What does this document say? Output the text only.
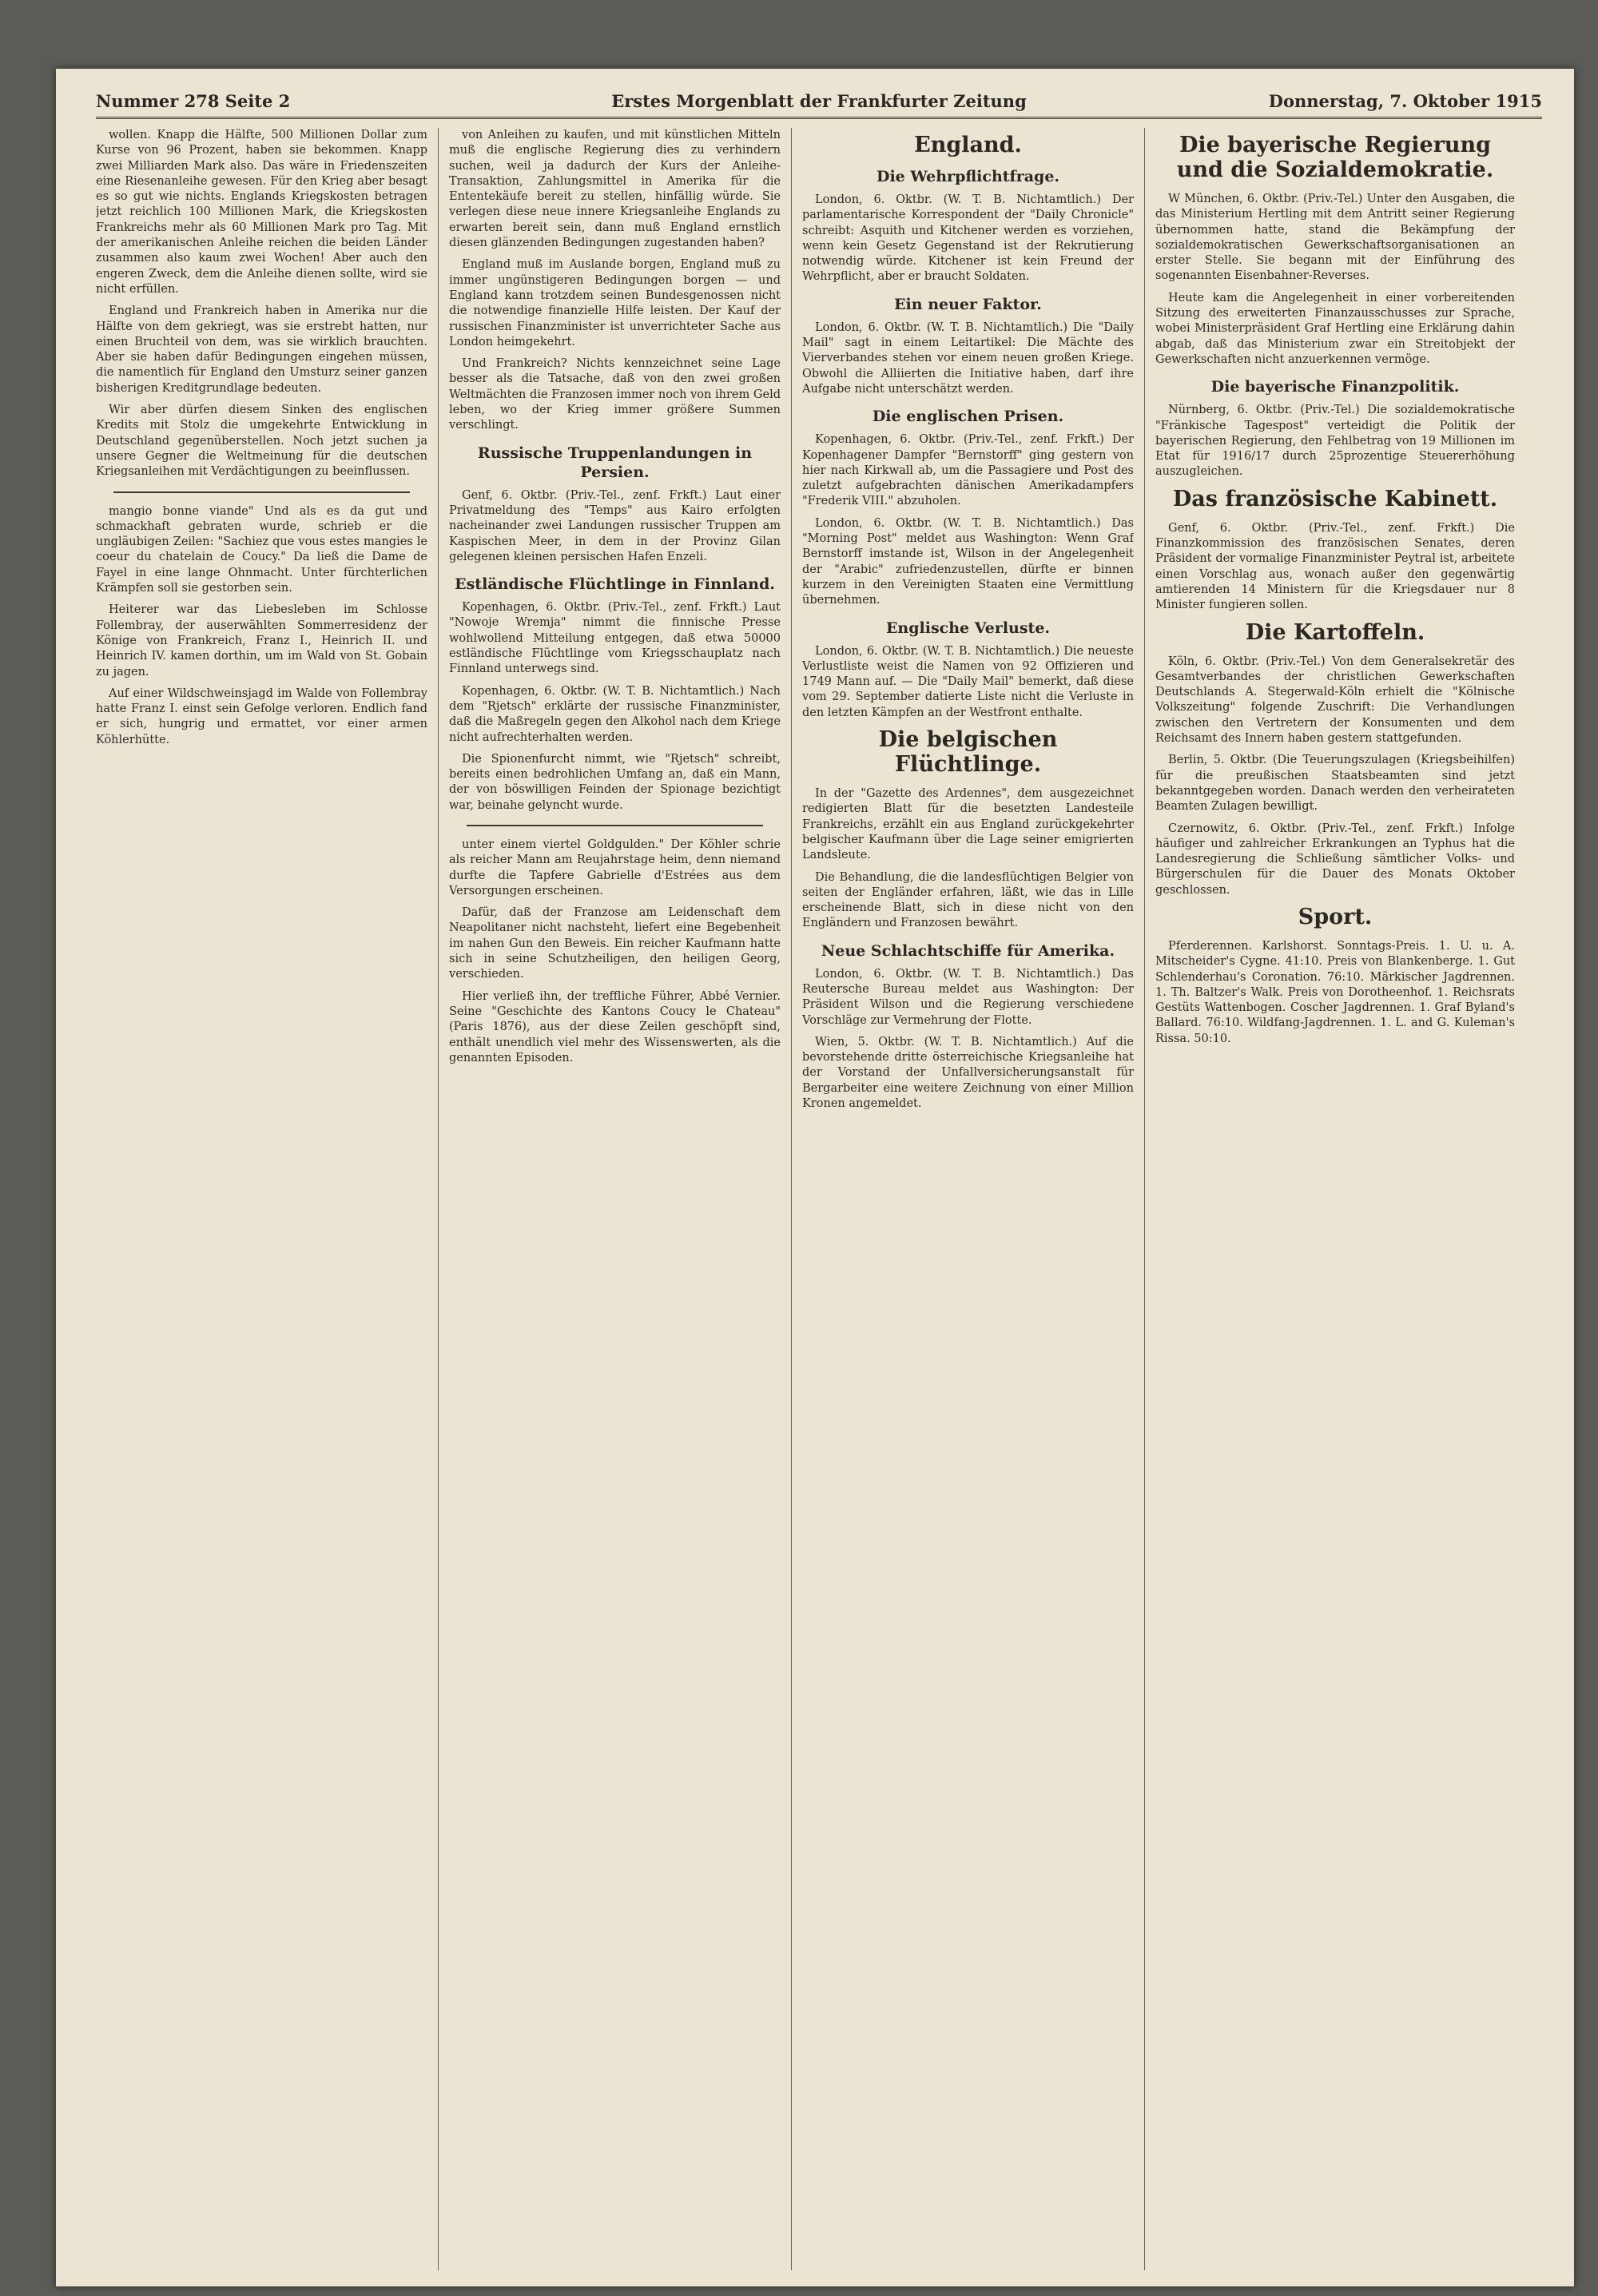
Nummer 278 Seite 2	Erstes Morgenblatt der Frankfurter Zeitung	Donnerstag, 7. Oktober 1915

wollen. Knapp die Hälfte, 500 Millionen Dollar zum Kurse von 96 Prozent, haben sie bekommen. Knapp zwei Milliarden Mark also. Das wäre in Friedenszeiten eine Riesenanleihe gewesen. Für den Krieg aber besagt es so gut wie nichts. Englands Kriegskosten betragen jetzt reichlich 100 Millionen Mark, die Kriegskosten Frankreichs mehr als 60 Millionen Mark pro Tag. Mit der amerikanischen Anleihe reichen die beiden Länder zusammen also kaum zwei Wochen! Aber auch den engeren Zweck, dem die Anleihe dienen sollte, wird sie nicht erfüllen.

England und Frankreich haben in Amerika nur die Hälfte von dem gekriegt, was sie erstrebt hatten, nur einen Bruchteil von dem, was sie wirklich brauchten. Aber sie haben dafür Bedingungen eingehen müssen, die namentlich für England den Umsturz seiner ganzen bisherigen Kreditgrundlage bedeuten.

Wir aber dürfen diesem Sinken des englischen Kredits mit Stolz die umgekehrte Entwicklung in Deutschland gegenüberstellen. Noch jetzt suchen ja unsere Gegner die Weltmeinung für die deutschen Kriegsanleihen mit Verdächtigungen zu beeinflussen.

mangio bonne viande" Und als es da gut und schmackhaft gebraten wurde, schrieb er die ungläubigen Zeilen: "Sachiez que vous estes mangies le coeur du chatelain de Coucy." Da ließ die Dame de Fayel in eine lange Ohnmacht. Unter fürchterlichen Krämpfen soll sie gestorben sein.

Heiterer war das Liebesleben im Schlosse Follembray, der auserwählten Sommerresidenz der Könige von Frankreich, Franz I., Heinrich II. und Heinrich IV. kamen dorthin, um im Wald von St. Gobain zu jagen.

Auf einer Wildschweinsjagd im Walde von Follembray hatte Franz I. einst sein Gefolge verloren. Endlich fand er sich, hungrig und ermattet, vor einer armen Köhlerhütte.

von Anleihen zu kaufen, und mit künstlichen Mitteln muß die englische Regierung dies zu verhindern suchen, weil ja dadurch der Kurs der Anleihe-Transaktion, Zahlungsmittel in Amerika für die Ententekäufe bereit zu stellen, hinfällig würde. Sie verlegen diese neue innere Kriegsanleihe Englands zu erwarten bereit sein, dann muß England ernstlich diesen glänzenden Bedingungen zugestanden haben?

England muß im Auslande borgen, England muß zu immer ungünstigeren Bedingungen borgen — und England kann trotzdem seinen Bundesgenossen nicht die notwendige finanzielle Hilfe leisten. Der Kauf der russischen Finanzminister ist unverrichteter Sache aus London heimgekehrt.

Und Frankreich? Nichts kennzeichnet seine Lage besser als die Tatsache, daß von den zwei großen Weltmächten die Franzosen immer noch von ihrem Geld leben, wo der Krieg immer größere Summen verschlingt.

Russische Truppenlandungen in Persien.

Genf, 6. Oktbr. (Priv.-Tel., zenf. Frkft.) Laut einer Privatmeldung des "Temps" aus Kairo erfolgten nacheinander zwei Landungen russischer Truppen am Kaspischen Meer, in dem in der Provinz Gilan gelegenen kleinen persischen Hafen Enzeli.

Estländische Flüchtlinge in Finnland.

Kopenhagen, 6. Oktbr. (Priv.-Tel., zenf. Frkft.) Laut "Nowoje Wremja" nimmt die finnische Presse wohlwollend Mitteilung entgegen, daß etwa 50000 estländische Flüchtlinge vom Kriegsschauplatz nach Finnland unterwegs sind.

Kopenhagen, 6. Oktbr. (W. T. B. Nichtamtlich.) Nach dem "Rjetsch" erklärte der russische Finanzminister, daß die Maßregeln gegen den Alkohol nach dem Kriege nicht aufrechterhalten werden.

Die Spionenfurcht nimmt, wie "Rjetsch" schreibt, bereits einen bedrohlichen Umfang an, daß ein Mann, der von böswilligen Feinden der Spionage bezichtigt war, beinahe gelyncht wurde.

unter einem viertel Goldgulden." Der Köhler schrie als reicher Mann am Reujahrstage heim, denn niemand durfte die Tapfere Gabrielle d'Estrées aus dem Versorgungen erscheinen.

Dafür, daß der Franzose am Leidenschaft dem Neapolitaner nicht nachsteht, liefert eine Begebenheit im nahen Gun den Beweis. Ein reicher Kaufmann hatte sich in seine Schutzheiligen, den heiligen Georg, verschieden.

Hier verließ ihn, der treffliche Führer, Abbé Vernier. Seine "Geschichte des Kantons Coucy le Chateau" (Paris 1876), aus der diese Zeilen geschöpft sind, enthält unendlich viel mehr des Wissenswerten, als die genannten Episoden.

England.
Die Wehrpflichtfrage.

London, 6. Oktbr. (W. T. B. Nichtamtlich.) Der parlamentarische Korrespondent der "Daily Chronicle" schreibt: Asquith und Kitchener werden es vorziehen, wenn kein Gesetz Gegenstand ist der Rekrutierung notwendig würde. Kitchener ist kein Freund der Wehrpflicht, aber er braucht Soldaten.

Ein neuer Faktor.

London, 6. Oktbr. (W. T. B. Nichtamtlich.) Die "Daily Mail" sagt in einem Leitartikel: Die Mächte des Vierverbandes stehen vor einem neuen großen Kriege. Obwohl die Alliierten die Initiative haben, darf ihre Aufgabe nicht unterschätzt werden.

Die englischen Prisen.

Kopenhagen, 6. Oktbr. (Priv.-Tel., zenf. Frkft.) Der Kopenhagener Dampfer "Bernstorff" ging gestern von hier nach Kirkwall ab, um die Passagiere und Post des zuletzt aufgebrachten dänischen Amerikadampfers "Frederik VIII." abzuholen.

London, 6. Oktbr. (W. T. B. Nichtamtlich.) Das "Morning Post" meldet aus Washington: Wenn Graf Bernstorff imstande ist, Wilson in der Angelegenheit der "Arabic" zufriedenzustellen, dürfte er binnen kurzem in den Vereinigten Staaten eine Vermittlung übernehmen.

Englische Verluste.

London, 6. Oktbr. (W. T. B. Nichtamtlich.) Die neueste Verlustliste weist die Namen von 92 Offizieren und 1749 Mann auf. — Die "Daily Mail" bemerkt, daß diese vom 29. September datierte Liste nicht die Verluste in den letzten Kämpfen an der Westfront enthalte.

Die belgischen Flüchtlinge.

In der "Gazette des Ardennes", dem ausgezeichnet redigierten Blatt für die besetzten Landesteile Frankreichs, erzählt ein aus England zurückgekehrter belgischer Kaufmann über die Lage seiner emigrierten Landsleute.

Die Behandlung, die die landesflüchtigen Belgier von seiten der Engländer erfahren, läßt, wie das in Lille erscheinende Blatt, sich in diese nicht von den Engländern und Franzosen bewährt.

Neue Schlachtschiffe für Amerika.

London, 6. Oktbr. (W. T. B. Nichtamtlich.) Das Reutersche Bureau meldet aus Washington: Der Präsident Wilson und die Regierung verschiedene Vorschläge zur Vermehrung der Flotte.

Wien, 5. Oktbr. (W. T. B. Nichtamtlich.) Auf die bevorstehende dritte österreichische Kriegsanleihe hat der Vorstand der Unfallversicherungsanstalt für Bergarbeiter eine weitere Zeichnung von einer Million Kronen angemeldet.

Die bayerische Regierung und die Sozialdemokratie.

W München, 6. Oktbr. (Priv.-Tel.) Unter den Ausgaben, die das Ministerium Hertling mit dem Antritt seiner Regierung übernommen hatte, stand die Bekämpfung der sozialdemokratischen Gewerkschaftsorganisationen an erster Stelle. Sie begann mit der Einführung des sogenannten Eisenbahner-Reverses.

Heute kam die Angelegenheit in einer vorbereitenden Sitzung des erweiterten Finanzausschusses zur Sprache, wobei Ministerpräsident Graf Hertling eine Erklärung dahin abgab, daß das Ministerium zwar ein Streitobjekt der Gewerkschaften nicht anzuerkennen vermöge.

Die bayerische Finanzpolitik.

Nürnberg, 6. Oktbr. (Priv.-Tel.) Die sozialdemokratische "Fränkische Tagespost" verteidigt die Politik der bayerischen Regierung, den Fehlbetrag von 19 Millionen im Etat für 1916/17 durch 25prozentige Steuererhöhung auszugleichen.

Das französische Kabinett.

Genf, 6. Oktbr. (Priv.-Tel., zenf. Frkft.) Die Finanzkommission des französischen Senates, deren Präsident der vormalige Finanzminister Peytral ist, arbeitete einen Vorschlag aus, wonach außer den gegenwärtig amtierenden 14 Ministern für die Kriegsdauer nur 8 Minister fungieren sollen.

Die Kartoffeln.

Köln, 6. Oktbr. (Priv.-Tel.) Von dem Generalsekretär des Gesamtverbandes der christlichen Gewerkschaften Deutschlands A. Stegerwald-Köln erhielt die "Kölnische Volkszeitung" folgende Zuschrift: Die Verhandlungen zwischen den Vertretern der Konsumenten und dem Reichsamt des Innern haben gestern stattgefunden.

Berlin, 5. Oktbr. (Die Teuerungszulagen (Kriegsbeihilfen) für die preußischen Staatsbeamten sind jetzt bekanntgegeben worden. Danach werden den verheirateten Beamten Zulagen bewilligt.

Czernowitz, 6. Oktbr. (Priv.-Tel., zenf. Frkft.) Infolge häufiger und zahlreicher Erkrankungen an Typhus hat die Landesregierung die Schließung sämtlicher Volks- und Bürgerschulen für die Dauer des Monats Oktober geschlossen.

Sport.

Pferderennen. Karlshorst. Sonntags-Preis. 1. U. u. A. Mitscheider's Cygne. 41:10. Preis von Blankenberge. 1. Gut Schlenderhau's Coronation. 76:10. Märkischer Jagdrennen. 1. Th. Baltzer's Walk. Preis von Dorotheenhof. 1. Reichsrats Gestüts Wattenbogen. Coscher Jagdrennen. 1. Graf Byland's Ballard. 76:10. Wildfang-Jagdrennen. 1. L. and G. Kuleman's Rissa. 50:10.
